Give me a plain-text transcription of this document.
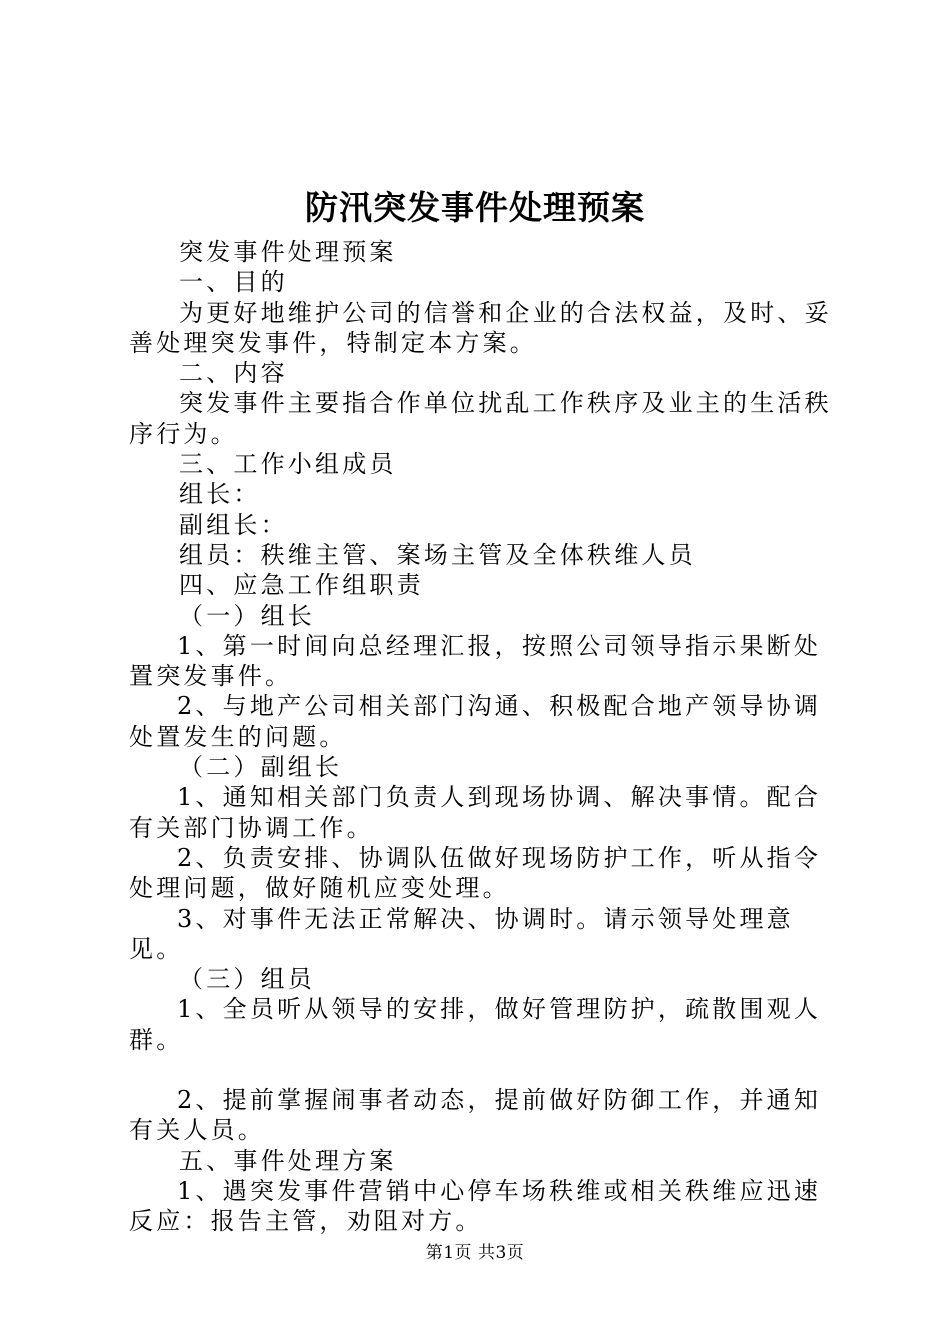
防汛突发事件处理预案

突发事件处理预案

一、目的

为更好地维护公司的信誉和企业的合法权益，及时、妥善处理突发事件，特制定本方案。

二、内容

突发事件主要指合作单位扰乱工作秩序及业主的生活秩序行为。

三、工作小组成员

组长：

副组长：

组员：秩维主管、案场主管及全体秩维人员

四、应急工作组职责

（一）组长

1、第一时间向总经理汇报，按照公司领导指示果断处置突发事件。

2、与地产公司相关部门沟通、积极配合地产领导协调处置发生的问题。

（二）副组长

1、通知相关部门负责人到现场协调、解决事情。配合有关部门协调工作。

2、负责安排、协调队伍做好现场防护工作，听从指令处理问题，做好随机应变处理。

3、对事件无法正常解决、协调时。请示领导处理意见。

（三）组员

1、全员听从领导的安排，做好管理防护，疏散围观人群。

2、提前掌握闹事者动态，提前做好防御工作，并通知有关人员。

五、事件处理方案

1、遇突发事件营销中心停车场秩维或相关秩维应迅速反应：报告主管，劝阻对方。

第1页 共3页
